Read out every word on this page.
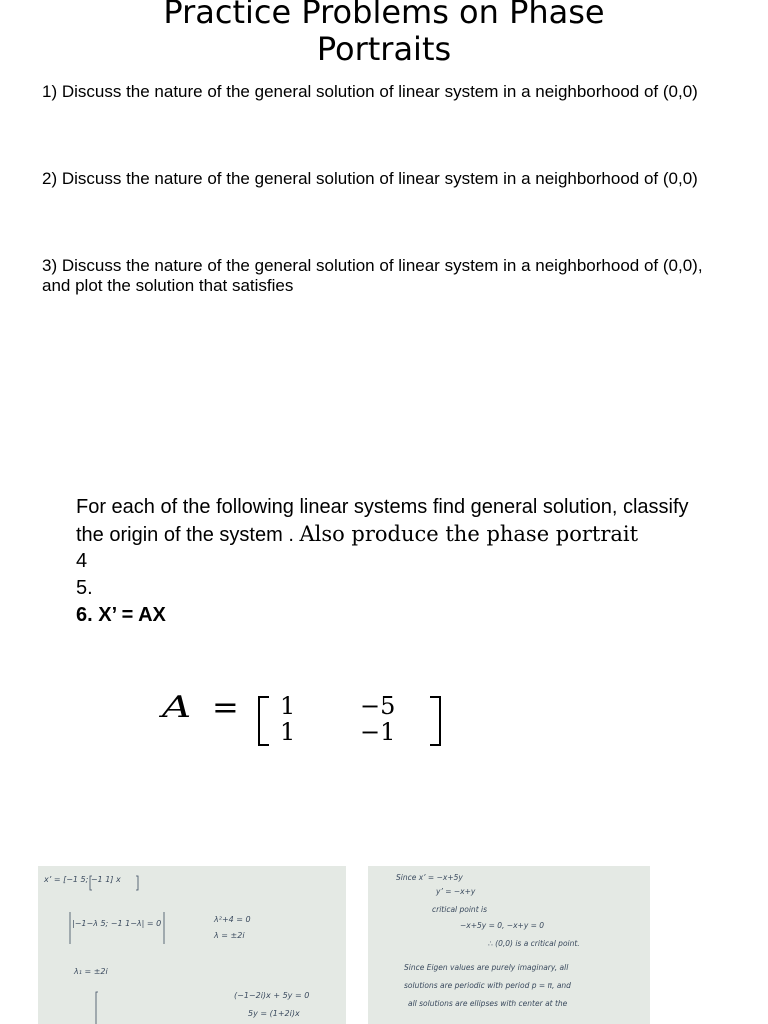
Practice Problems on Phase
Portraits
1) Discuss the nature of the general solution of linear system in a neighborhood of (0,0)
2) Discuss the nature of the general solution of linear system in a neighborhood of (0,0)
3) Discuss the nature of the general solution of linear system in a neighborhood of (0,0),
and plot the solution that satisfies
For each of the following linear systems find general solution, classify
the origin of the system . Also produce the phase portrait
4
5.
6. X’ = AX
A = 1	−5
1	−1
x’ = [−1 5; −1 1] x
|−1−λ 5; −1 1−λ| = 0	λ²+4 = 0
λ = ±2i
λ₁ = ±2i
(−1−2i)x + 5y = 0
5y = (1+2i)x
Since x’ = −x+5y
y’ = −x+y
critical point is
−x+5y = 0, −x+y = 0
∴ (0,0) is a critical point.
Since Eigen values are purely imaginary, all
solutions are periodic with period p = π, and
all solutions are ellipses with center at the
